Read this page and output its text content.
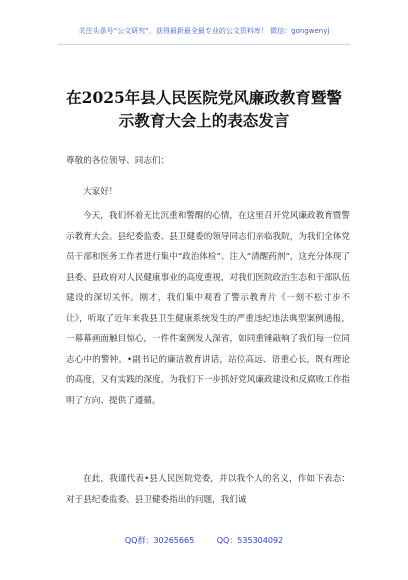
关注头条号“公文研究”，获得最新最全最专业的公文资料库！ 微信：gongwenyj
在2025年县人民医院党风廉政教育暨警
示教育大会上的表态发言

尊敬的各位领导、同志们：

大家好！

今天，我们怀着无比沉重和警醒的心情，在这里召开党风廉政教育暨警示教育大会。县纪委监委、县卫健委的领导同志们亲临我院，为我们全体党员干部和医务工作者进行集中“政治体检”、注入“清醒药剂”，这充分体现了县委、县政府对人民健康事业的高度重视，对我们医院政治生态和干部队伍建设的深切关怀。刚才，我们集中观看了警示教育片《一刻不松寸步不让》，听取了近年来我县卫生健康系统发生的严重违纪违法典型案例通报，一幕幕画面触目惊心，一件件案例发人深省，如同重锤敲响了我们每一位同志心中的警钟。•副书记的廉洁教育讲话，站位高远、语重心长，既有理论的高度，又有实践的深度，为我们下一步抓好党风廉政建设和反腐败工作指明了方向、提供了遵循。

在此，我谨代表•县人民医院党委，并以我个人的名义，作如下表态：对于县纪委监委、县卫健委指出的问题，我们诚

QQ群：30265665	QQ：535304092
